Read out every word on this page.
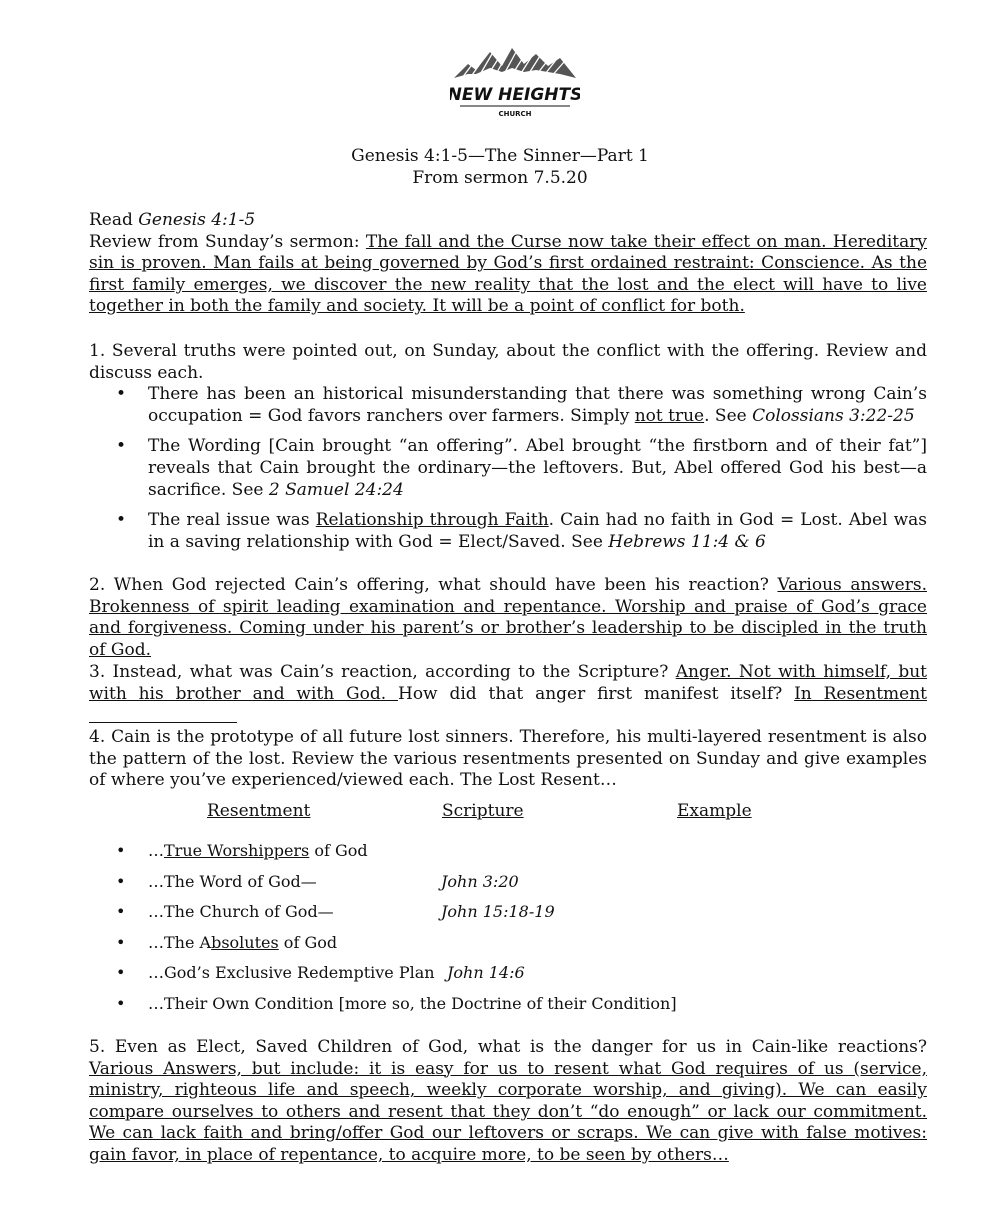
NEW HEIGHTS
CHURCH
Genesis 4:1-5—The Sinner—Part 1
From sermon 7.5.20
Read Genesis 4:1-5
Review from Sunday’s sermon: The fall and the Curse now take their effect on man. Hereditary sin is proven. Man fails at being governed by God’s first ordained restraint: Conscience. As the first family emerges, we discover the new reality that the lost and the elect will have to live together in both the family and society. It will be a point of conflict for both.
1. Several truths were pointed out, on Sunday, about the conflict with the offering. Review and discuss each.
• There has been an historical misunderstanding that there was something wrong Cain’s occupation = God favors ranchers over farmers. Simply not true. See Colossians 3:22-25
• The Wording [Cain brought “an offering”. Abel brought “the firstborn and of their fat”] reveals that Cain brought the ordinary—the leftovers. But, Abel offered God his best—a sacrifice. See 2 Samuel 24:24
• The real issue was Relationship through Faith. Cain had no faith in God = Lost. Abel was in a saving relationship with God = Elect/Saved. See Hebrews 11:4 & 6
2. When God rejected Cain’s offering, what should have been his reaction? Various answers. Brokenness of spirit leading examination and repentance. Worship and praise of God’s grace and forgiveness. Coming under his parent’s or brother’s leadership to be discipled in the truth of God.
3. Instead, what was Cain’s reaction, according to the Scripture? Anger. Not with himself, but with his brother and with God. How did that anger first manifest itself? In Resentment
4. Cain is the prototype of all future lost sinners. Therefore, his multi-layered resentment is also the pattern of the lost. Review the various resentments presented on Sunday and give examples of where you’ve experienced/viewed each. The Lost Resent…
Resentment	Scripture	Example
• …True Worshippers of God
• …The Word of God—	John 3:20
• …The Church of God—	John 15:18-19
• …The Absolutes of God
• …God’s Exclusive Redemptive Plan John 14:6
• …Their Own Condition [more so, the Doctrine of their Condition]
5. Even as Elect, Saved Children of God, what is the danger for us in Cain-like reactions? Various Answers, but include: it is easy for us to resent what God requires of us (service, ministry, righteous life and speech, weekly corporate worship, and giving). We can easily compare ourselves to others and resent that they don’t “do enough” or lack our commitment. We can lack faith and bring/offer God our leftovers or scraps. We can give with false motives: gain favor, in place of repentance, to acquire more, to be seen by others…
